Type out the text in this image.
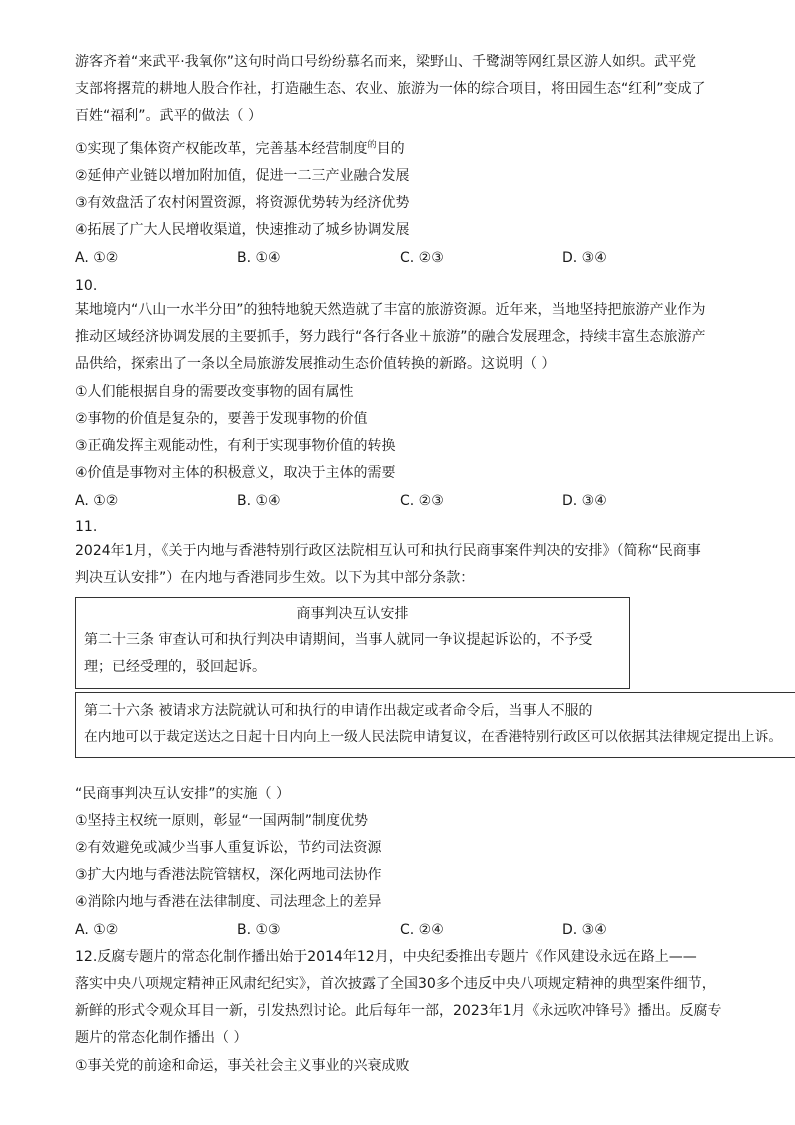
游客齐着“来武平·我氧你”这句时尚口号纷纷慕名而来，梁野山、千鹭湖等网红景区游人如织。武平党
支部将撂荒的耕地人股合作社，打造融生态、农业、旅游为一体的综合项目，将田园生态“红利”变成了
百姓“福利”。武平的做法（ ）
①实现了集体资产权能改革，完善基本经营制度$^的$目的
②延伸产业链以增加附加值，促进一二三产业融合发展
③有效盘活了农村闲置资源，将资源优势转为经济优势
④拓展了广大人民增收渠道，快速推动了城乡协调发展
A. ①②	B. ①④	C. ②③	D. ③④
10.
某地境内“八山一水半分田”的独特地貌天然造就了丰富的旅游资源。近年来，当地坚持把旅游产业作为
推动区域经济协调发展的主要抓手，努力践行“各行各业＋旅游”的融合发展理念，持续丰富生态旅游产
品供给，探索出了一条以全局旅游发展推动生态价值转换的新路。这说明（ ）
①人们能根据自身的需要改变事物的固有属性
②事物的价值是复杂的，要善于发现事物的价值
③正确发挥主观能动性，有利于实现事物价值的转换
④价值是事物对主体的积极意义，取决于主体的需要
A. ①②	B. ①④	C. ②③	D. ③④
11.
2024年1月，《关于内地与香港特别行政区法院相互认可和执行民商事案件判决的安排》（简称“民商事
判决互认安排”）在内地与香港同步生效。以下为其中部分条款：
商事判决互认安排
第二十三条 审查认可和执行判决申请期间，当事人就同一争议提起诉讼的，不予受
理；已经受理的，驳回起诉。
第二十六条 被请求方法院就认可和执行的申请作出裁定或者命令后，当事人不服的
在内地可以于裁定送达之日起十日内向上一级人民法院申请复议，在香港特别行政区可以依据其法律规定提出上诉。
“民商事判决互认安排”的实施（ ）
①坚持主权统一原则，彰显“一国两制”制度优势
②有效避免或减少当事人重复诉讼，节约司法资源
③扩大内地与香港法院管辖权，深化两地司法协作
④消除内地与香港在法律制度、司法理念上的差异
A. ①②	B. ①③	C. ②④	D. ③④
12.反腐专题片的常态化制作播出始于2014年12月，中央纪委推出专题片《作风建设永远在路上——
落实中央八项规定精神正风肃纪纪实》，首次披露了全国30多个违反中央八项规定精神的典型案件细节，
新鲜的形式令观众耳目一新，引发热烈讨论。此后每年一部，2023年1月《永远吹冲锋号》播出。反腐专
题片的常态化制作播出（ ）
①事关党的前途和命运，事关社会主义事业的兴衰成败
